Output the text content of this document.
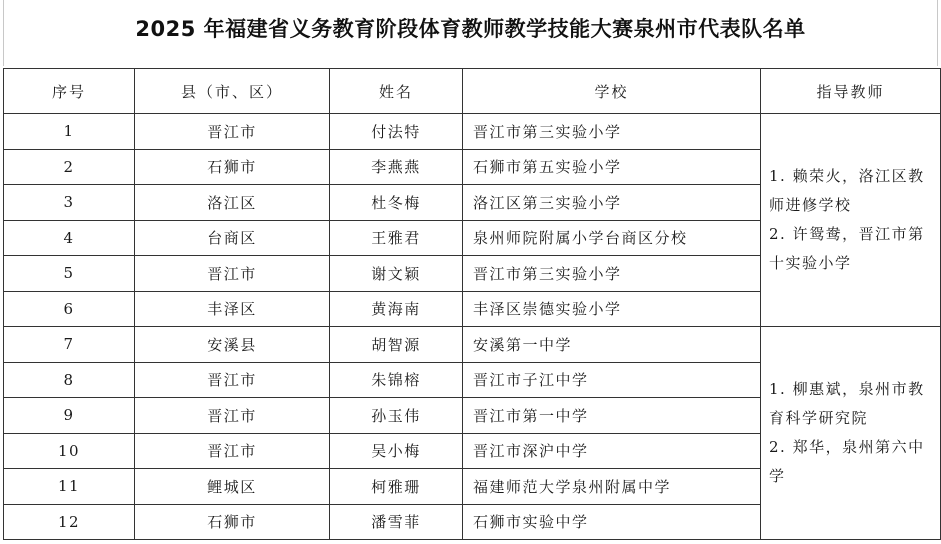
2025 年福建省义务教育阶段体育教师教学技能大赛泉州市代表队名单
序号	县（市、区）	姓名	学校	指导教师
1	晋江市	付法特	晋江市第三实验小学	1. 赖荣火，洛江区教
师进修学校
2. 许鸳鸯，晋江市第
十实验小学

2	石狮市	李燕燕	石狮市第五实验小学	
3	洛江区	杜冬梅	洛江区第三实验小学	
4	台商区	王雅君	泉州师院附属小学台商区分校	
5	晋江市	谢文颖	晋江市第三实验小学	
6	丰泽区	黄海南	丰泽区崇德实验小学	
7	安溪县	胡智源	安溪第一中学	1. 柳惠斌，泉州市教
育科学研究院
2. 郑华，泉州第六中
学

8	晋江市	朱锦榕	晋江市子江中学	
9	晋江市	孙玉伟	晋江市第一中学	
10	晋江市	吴小梅	晋江市深沪中学	
11	鲤城区	柯雅珊	福建师范大学泉州附属中学	
12	石狮市	潘雪菲	石狮市实验中学	
